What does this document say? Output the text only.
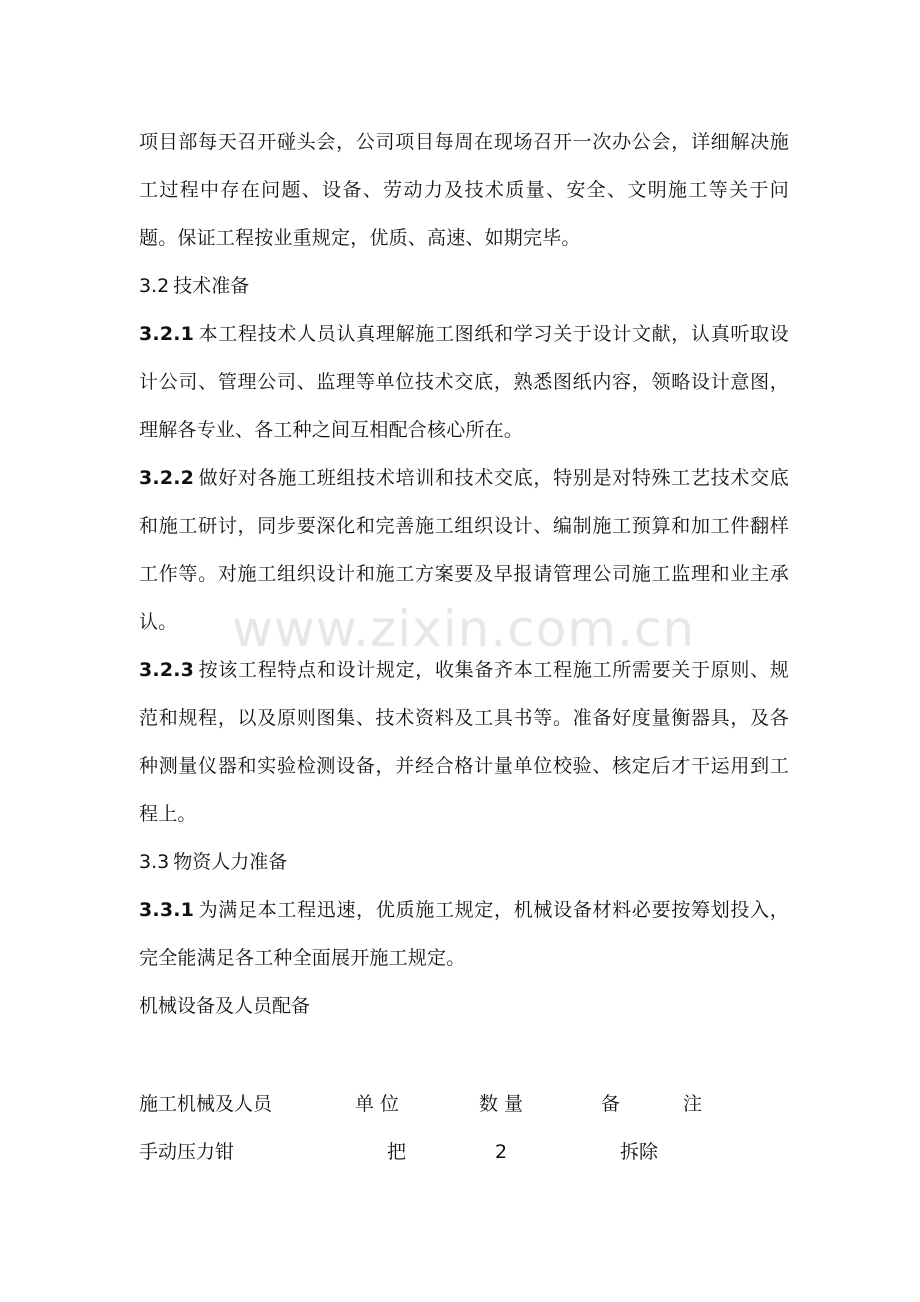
项目部每天召开碰头会，公司项目每周在现场召开一次办公会，详细解决施工过程中存在问题、设备、劳动力及技术质量、安全、文明施工等关于问题。保证工程按业重规定，优质、高速、如期完毕。

3.2 技术准备

3.2.1 本工程技术人员认真理解施工图纸和学习关于设计文献，认真听取设计公司、管理公司、监理等单位技术交底，熟悉图纸内容，领略设计意图，理解各专业、各工种之间互相配合核心所在。

3.2.2 做好对各施工班组技术培训和技术交底，特别是对特殊工艺技术交底和施工研讨，同步要深化和完善施工组织设计、编制施工预算和加工件翻样工作等。对施工组织设计和施工方案要及早报请管理公司施工监理和业主承认。

3.2.3 按该工程特点和设计规定，收集备齐本工程施工所需要关于原则、规范和规程，以及原则图集、技术资料及工具书等。准备好度量衡器具，及各种测量仪器和实验检测设备，并经合格计量单位校验、核定后才干运用到工程上。

3.3 物资人力准备

3.3.1 为满足本工程迅速，优质施工规定，机械设备材料必要按筹划投入，完全能满足各工种全面展开施工规定。

机械设备及人员配备

施工机械及人员	单 位	数 量	备	注
手动压力钳	把	2	拆除
www.zixin.com.cn
